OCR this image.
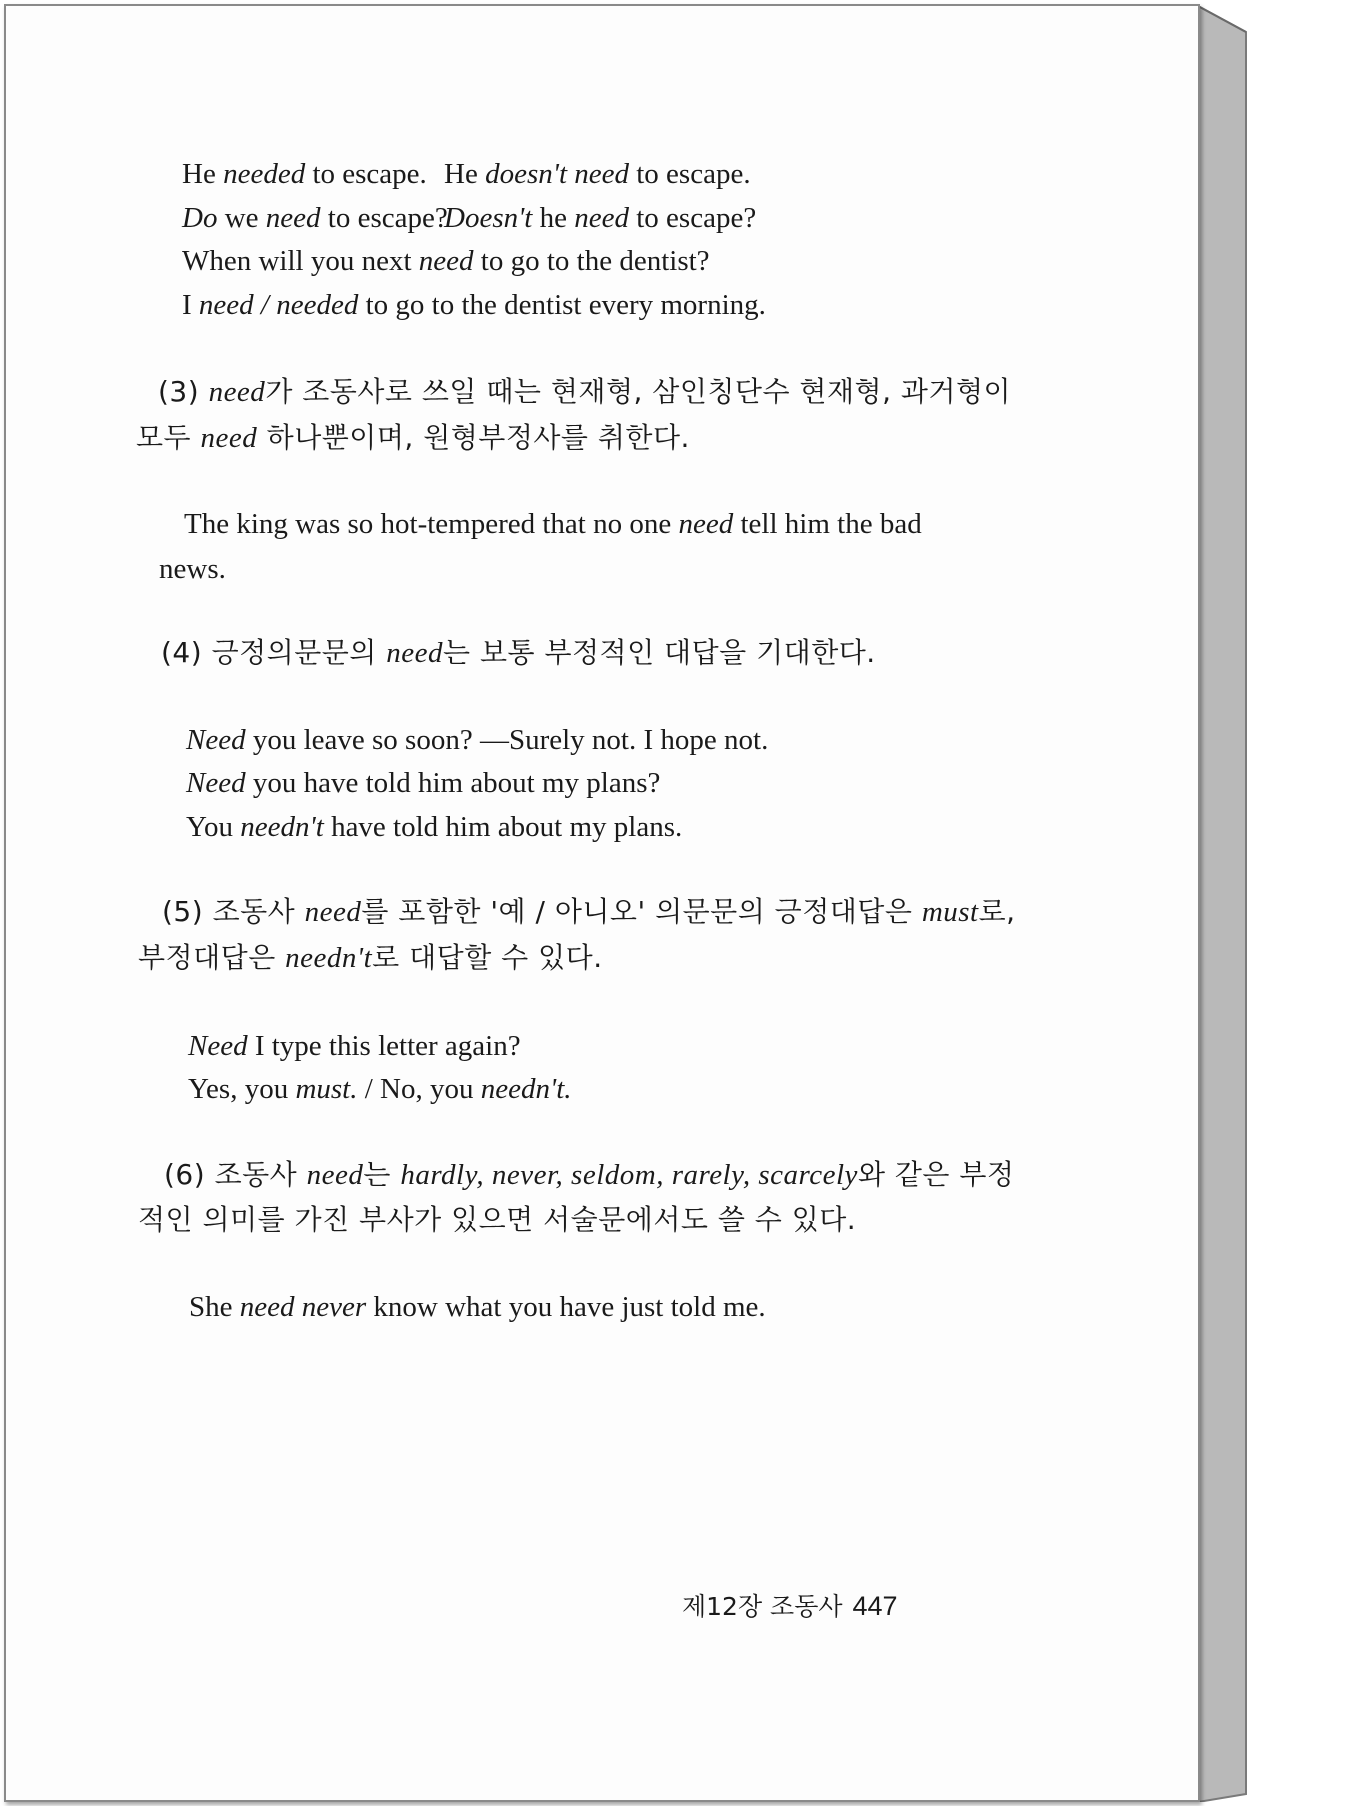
He needed to escape. He doesn't need to escape.
Do we need to escape?
Doesn't he need to escape?
When will you next need to go to the dentist?
I need / needed to go to the dentist every morning.
(3) need가 조동사로 쓰일 때는 현재형, 삼인칭단수 현재형, 과거형이
모두 need 하나뿐이며, 원형부정사를 취한다.
The king was so hot-tempered that no one need tell him the bad
news.
(4) 긍정의문문의 need는 보통 부정적인 대답을 기대한다.
Need you leave so soon? —Surely not. I hope not.
Need you have told him about my plans?
You needn't have told him about my plans.
(5) 조동사 need를 포함한 '예 / 아니오' 의문문의 긍정대답은 must로,
부정대답은 needn't로 대답할 수 있다.
Need I type this letter again?
Yes, you must. / No, you needn't.
(6) 조동사 need는 hardly, never, seldom, rarely, scarcely와 같은 부정
적인 의미를 가진 부사가 있으면 서술문에서도 쓸 수 있다.
She need never know what you have just told me.
제12장 조동사 447
